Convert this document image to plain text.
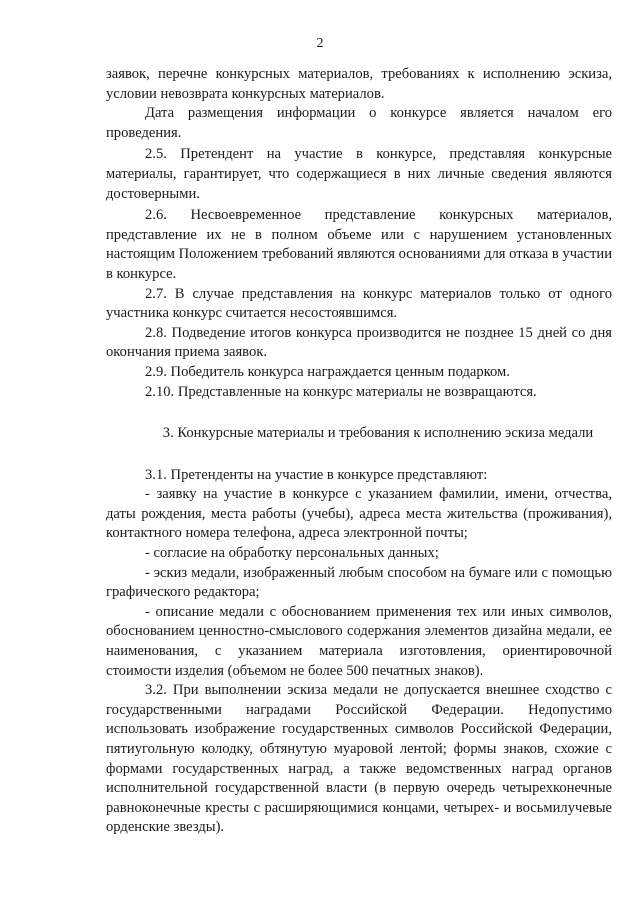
2

заявок, перечне конкурсных материалов, требованиях к исполнению эскиза, условии невозврата конкурсных материалов.

Дата размещения информации о конкурсе является началом его проведения.

2.5. Претендент на участие в конкурсе, представляя конкурсные материалы, гарантирует, что содержащиеся в них личные сведения являются достоверными.

2.6. Несвоевременное представление конкурсных материалов, представление их не в полном объеме или с нарушением установленных настоящим Положением требований являются основаниями для отказа в участии в конкурсе.

2.7. В случае представления на конкурс материалов только от одного участника конкурс считается несостоявшимся.

2.8. Подведение итогов конкурса производится не позднее 15 дней со дня окончания приема заявок.

2.9. Победитель конкурса награждается ценным подарком.

2.10. Представленные на конкурс материалы не возвращаются.

3. Конкурсные материалы и требования к исполнению эскиза медали

3.1. Претенденты на участие в конкурсе представляют:

- заявку на участие в конкурсе с указанием фамилии, имени, отчества, даты рождения, места работы (учебы), адреса места жительства (проживания), контактного номера телефона, адреса электронной почты;

- согласие на обработку персональных данных;

- эскиз медали, изображенный любым способом на бумаге или с помощью графического редактора;

- описание медали с обоснованием применения тех или иных символов, обоснованием ценностно-смыслового содержания элементов дизайна медали, ее наименования, с указанием материала изготовления, ориентировочной стоимости изделия (объемом не более 500 печатных знаков).

3.2. При выполнении эскиза медали не допускается внешнее сходство с государственными наградами Российской Федерации. Недопустимо использовать изображение государственных символов Российской Федерации, пятиугольную колодку, обтянутую муаровой лентой; формы знаков, схожие с формами государственных наград, а также ведомственных наград органов исполнительной государственной власти (в первую очередь четырехконечные равноконечные кресты с расширяющимися концами, четырех- и восьмилучевые орденские звезды).
